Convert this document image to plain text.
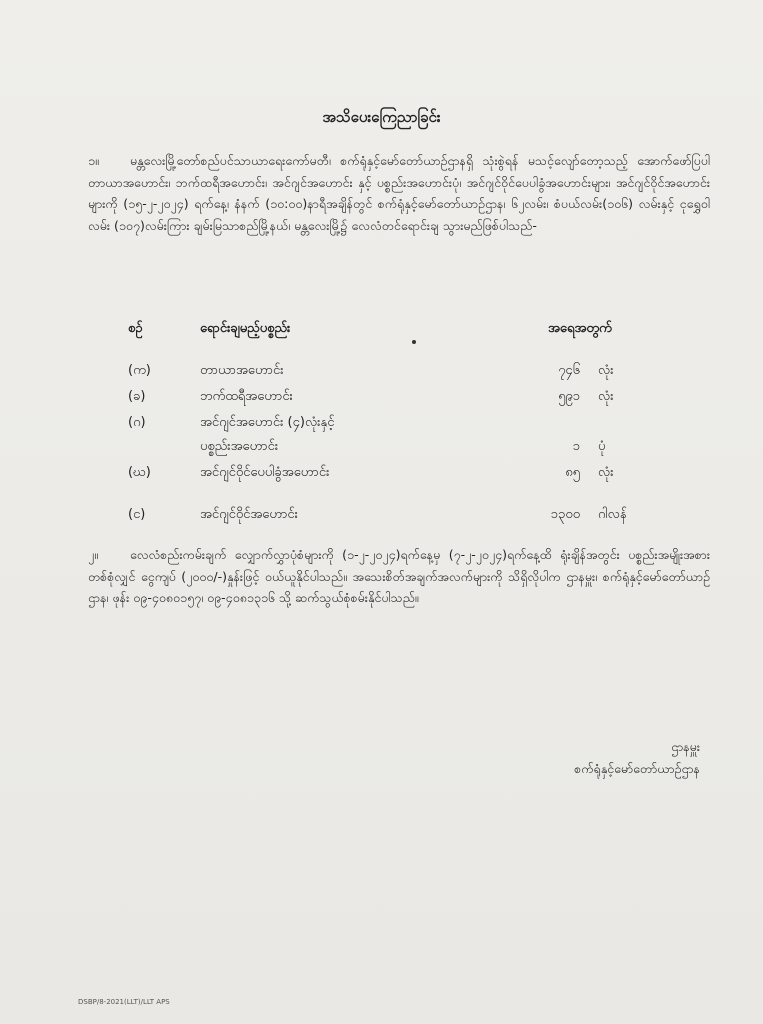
အသိပေးကြေညာခြင်း
၁။ မန္တလေးမြို့တော်စည်ပင်သာယာရေးကော်မတီ၊ စက်ရုံနှင့်မော်တော်ယာဉ်ဌာနရှိ သုံးစွဲရန် မသင့်လျော်တော့သည့် အောက်ဖော်ပြပါ တာယာအဟောင်း၊ ဘက်ထရီအဟောင်း၊ အင်ဂျင်အဟောင်း နှင့် ပစ္စည်းအဟောင်းပုံ၊ အင်ဂျင်ဝိုင်ပေပါခွံအဟောင်းများ၊ အင်ဂျင်ဝိုင်အဟောင်း များကို (၁၅-၂-၂၀၂၄) ရက်နေ့၊ နံနက် (၁၀:၀၀)နာရီအချိန်တွင် စက်ရုံနှင့်မော်တော်ယာဉ်ဌာန၊ ၆၂လမ်း၊ စံပယ်လမ်း(၁၀၆) လမ်းနှင့် ငုရွှေဝါလမ်း (၁၀၇)လမ်းကြား ချမ်းမြသာစည်မြို့နယ်၊ မန္တလေးမြို့၌ လေလံတင်ရောင်းချ သွားမည်ဖြစ်ပါသည်-
စဉ်	ရောင်းချမည့်ပစ္စည်း	အရေအတွက်
(က)	တာယာအဟောင်း	၇၄၆ လုံး
(ခ)	ဘက်ထရီအဟောင်း	၅၉၁ လုံး
(ဂ)	အင်ဂျင်အဟောင်း (၄)လုံးနှင့်
ပစ္စည်းအဟောင်း	၁ ပုံ
(ဃ)	အင်ဂျင်ဝိုင်ပေပါခွံအဟောင်း	၈၅ လုံး
(င)	အင်ဂျင်ဝိုင်အဟောင်း	၁၃၀၀ ဂါလန်
၂။	လေလံစည်းကမ်းချက် လျှောက်လွှာပုံစံများကို (၁-၂-၂၀၂၄)ရက်နေ့မှ (၇-၂-၂၀၂၄)ရက်နေ့ထိ ရုံးချိန်အတွင်း ပစ္စည်းအမျိုးအစား တစ်စုံလျှင် ငွေကျပ် (၂၀၀၀/-)နှုန်းဖြင့် ဝယ်ယူနိုင်ပါသည်။ အသေးစိတ်အချက်အလက်များကို သိရှိလိုပါက ဌာနမှူး၊ စက်ရုံနှင့်မော်တော်ယာဉ်ဌာန၊ ဖုန်း ၀၉-၄၀၈၀၁၅၇၊ ၀၉-၄၀၈၁၃၁၆ သို့ ဆက်သွယ်စုံစမ်းနိုင်ပါသည်။
ဌာနမှူး
စက်ရုံနှင့်မော်တော်ယာဉ်ဌာန
DSBP/8-2021(LLT)/LLT APS
